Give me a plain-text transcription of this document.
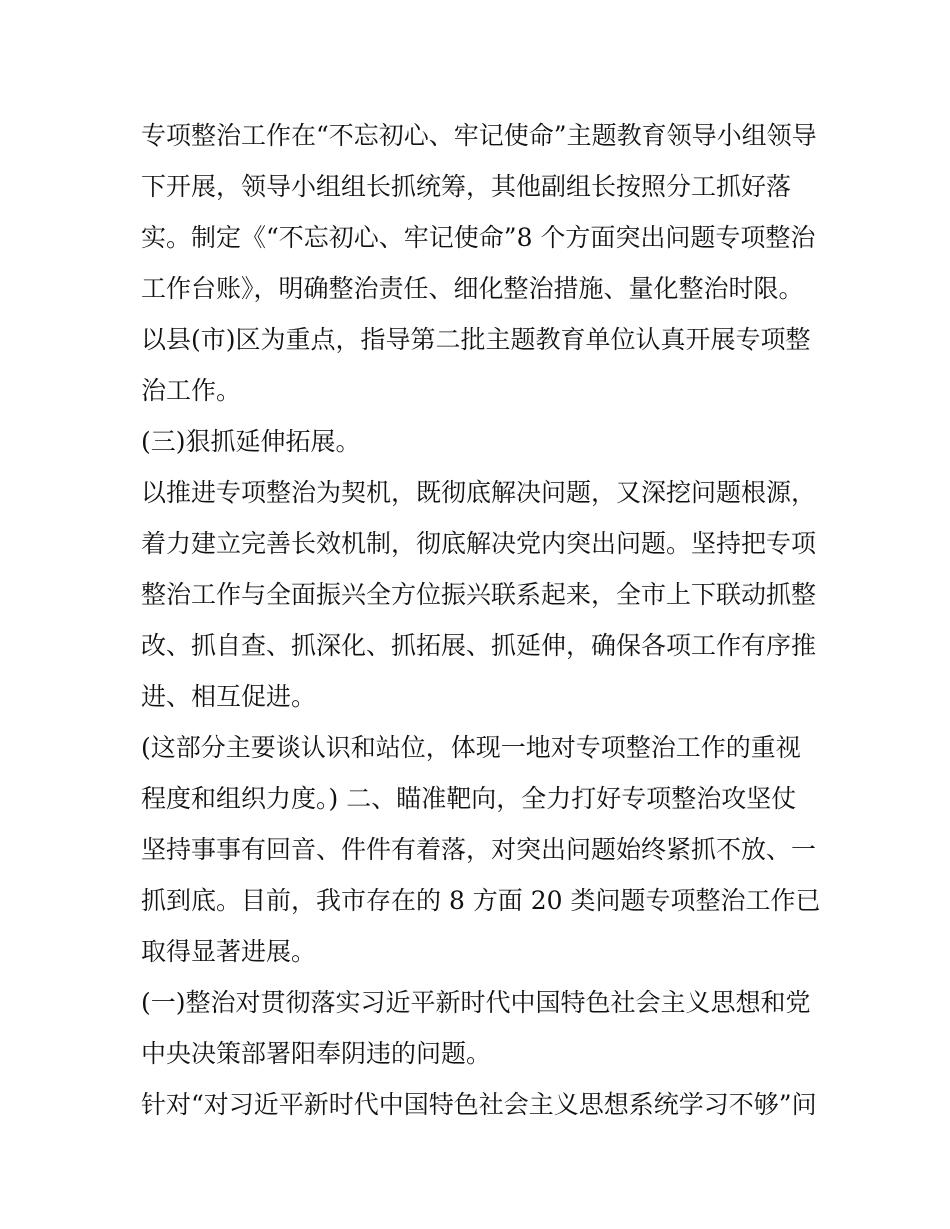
专项整治工作在“不忘初心、牢记使命”主题教育领导小组领导
下开展，领导小组组长抓统筹，其他副组长按照分工抓好落
实。制定《“不忘初心、牢记使命”8 个方面突出问题专项整治
工作台账》，明确整治责任、细化整治措施、量化整治时限。
以县(市)区为重点，指导第二批主题教育单位认真开展专项整
治工作。
(三)狠抓延伸拓展。
以推进专项整治为契机，既彻底解决问题，又深挖问题根源，
着力建立完善长效机制，彻底解决党内突出问题。坚持把专项
整治工作与全面振兴全方位振兴联系起来，全市上下联动抓整
改、抓自查、抓深化、抓拓展、抓延伸，确保各项工作有序推
进、相互促进。
(这部分主要谈认识和站位，体现一地对专项整治工作的重视
程度和组织力度。) 二、瞄准靶向，全力打好专项整治攻坚仗
坚持事事有回音、件件有着落，对突出问题始终紧抓不放、一
抓到底。目前，我市存在的 8 方面 20 类问题专项整治工作已
取得显著进展。
(一)整治对贯彻落实习近平新时代中国特色社会主义思想和党
中央决策部署阳奉阴违的问题。
针对“对习近平新时代中国特色社会主义思想系统学习不够”问
